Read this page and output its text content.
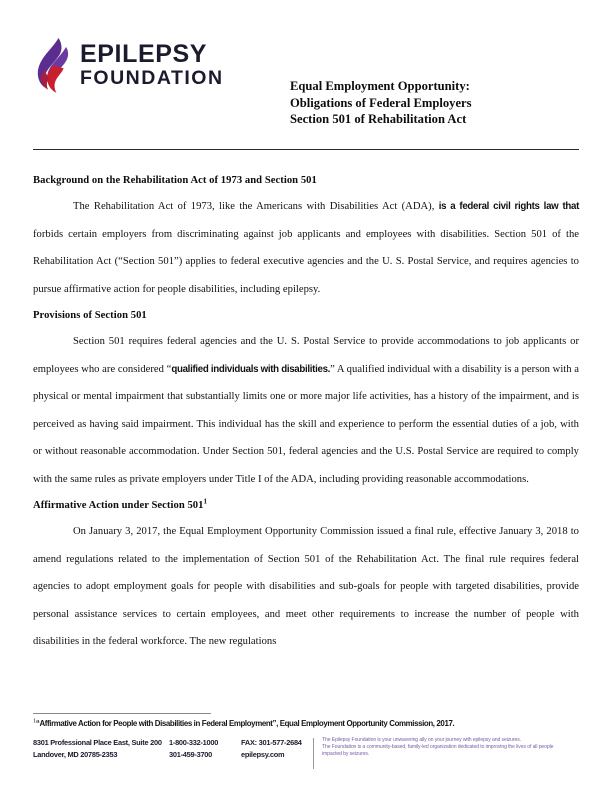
EPILEPSY
FOUNDATION	Equal Employment Opportunity:
Obligations of Federal Employers
Section 501 of Rehabilitation Act
Background on the Rehabilitation Act of 1973 and Section 501

The Rehabilitation Act of 1973, like the Americans with Disabilities Act (ADA), is a federal civil rights law that forbids certain employers from discriminating against job applicants and employees with disabilities. Section 501 of the Rehabilitation Act (“Section 501”) applies to federal executive agencies and the U. S. Postal Service, and requires agencies to pursue affirmative action for people disabilities, including epilepsy.

Provisions of Section 501

Section 501 requires federal agencies and the U. S. Postal Service to provide accommodations to job applicants or employees who are considered “qualified individuals with disabilities.” A qualified individual with a disability is a person with a physical or mental impairment that substantially limits one or more major life activities, has a history of the impairment, and is perceived as having said impairment. This individual has the skill and experience to perform the essential duties of a job, with or without reasonable accommodation. Under Section 501, federal agencies and the U.S. Postal Service are required to comply with the same rules as private employers under Title I of the ADA, including providing reasonable accommodations.

Affirmative Action under Section $501^1$

On January 3, 2017, the Equal Employment Opportunity Commission issued a final rule, effective January 3, 2018 to amend regulations related to the implementation of Section 501 of the Rehabilitation Act. The final rule requires federal agencies to adopt employment goals for people with disabilities and sub-goals for people with targeted disabilities, provide personal assistance services to certain employees, and meet other requirements to increase the number of people with disabilities in the federal workforce. The new regulations

$^1$“Affirmative Action for People with Disabilities in Federal Employment”, Equal Employment Opportunity Commission, 2017.
8301 Professional Place East, Suite 200
Landover, MD 20785-2353
1-800-332-1000
301-459-3700
FAX: 301-577-2684
epilepsy.com
The Epilepsy Foundation is your unwavering ally on your journey with epilepsy and seizures.
The Foundation is a community-based, family-led organization dedicated to improving the lives of all people
impacted by seizures.
